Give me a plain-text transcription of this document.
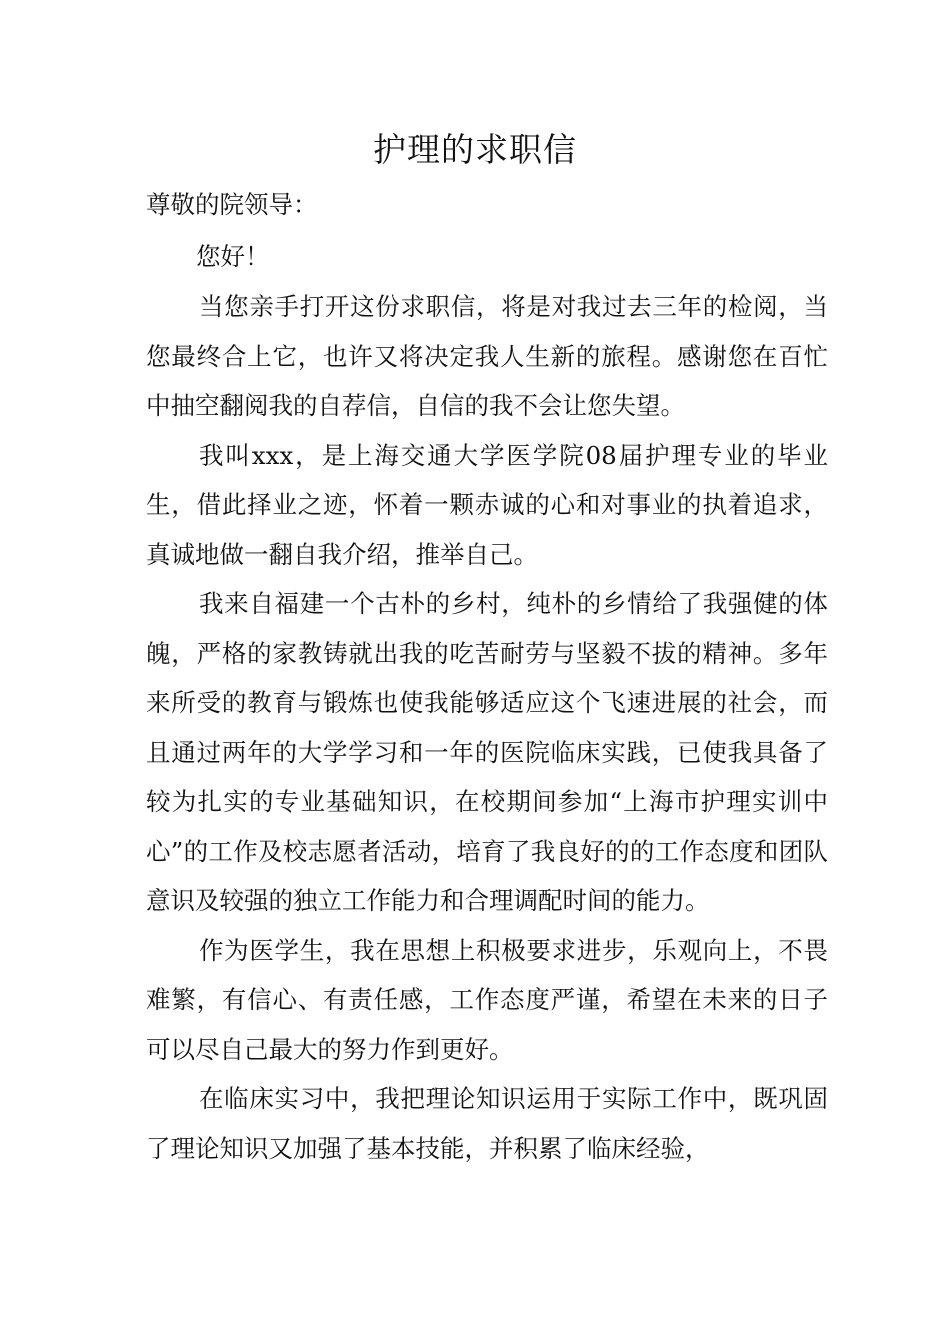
护理的求职信

尊敬的院领导：

您好！

当您亲手打开这份求职信，将是对我过去三年的检阅，当您最终合上它，也许又将决定我人生新的旅程。感谢您在百忙中抽空翻阅我的自荐信，自信的我不会让您失望。

我叫xxx，是上海交通大学医学院08届护理专业的毕业生，借此择业之迹，怀着一颗赤诚的心和对事业的执着追求，真诚地做一翻自我介绍，推举自己。

我来自福建一个古朴的乡村，纯朴的乡情给了我强健的体魄，严格的家教铸就出我的吃苦耐劳与坚毅不拔的精神。多年来所受的教育与锻炼也使我能够适应这个飞速进展的社会，而且通过两年的大学学习和一年的医院临床实践，已使我具备了较为扎实的专业基础知识，在校期间参加“上海市护理实训中心”的工作及校志愿者活动，培育了我良好的的工作态度和团队意识及较强的独立工作能力和合理调配时间的能力。

作为医学生，我在思想上积极要求进步，乐观向上，不畏难繁，有信心、有责任感，工作态度严谨，希望在未来的日子可以尽自己最大的努力作到更好。

在临床实习中，我把理论知识运用于实际工作中，既巩固了理论知识又加强了基本技能，并积累了临床经验，
